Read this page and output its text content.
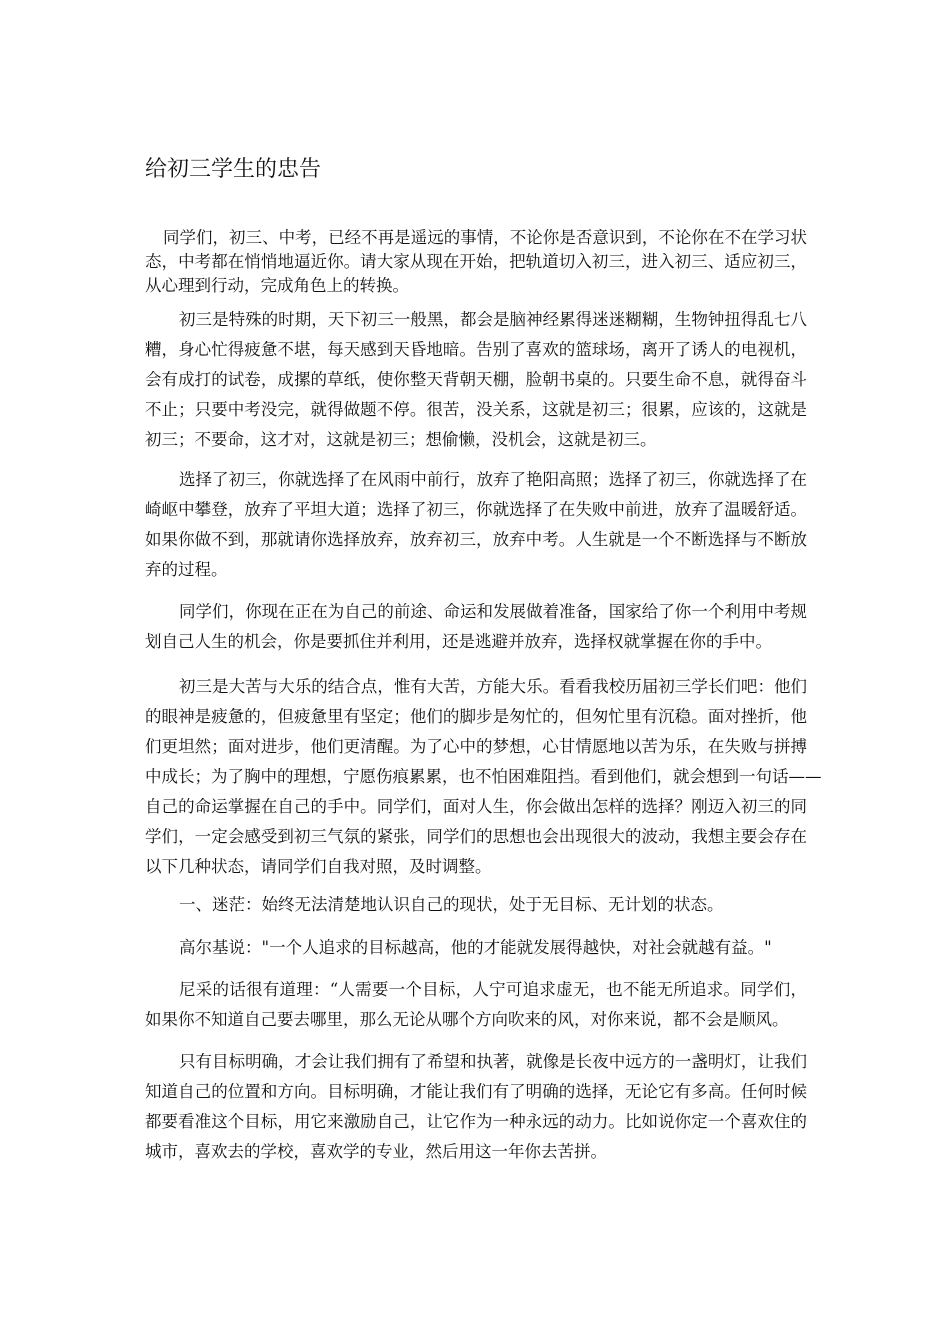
给初三学生的忠告
同学们，初三、中考，已经不再是遥远的事情，不论你是否意识到，不论你在不在学习状
态，中考都在悄悄地逼近你。请大家从现在开始，把轨道切入初三，进入初三、适应初三，
从心理到行动，完成角色上的转换。
初三是特殊的时期，天下初三一般黑，都会是脑神经累得迷迷糊糊，生物钟扭得乱七八
糟，身心忙得疲惫不堪，每天感到天昏地暗。告别了喜欢的篮球场，离开了诱人的电视机，
会有成打的试卷，成摞的草纸，使你整天背朝天棚，脸朝书桌的。只要生命不息，就得奋斗
不止；只要中考没完，就得做题不停。很苦，没关系，这就是初三；很累，应该的，这就是
初三；不要命，这才对，这就是初三；想偷懒，没机会，这就是初三。
选择了初三，你就选择了在风雨中前行，放弃了艳阳高照；选择了初三，你就选择了在
崎岖中攀登，放弃了平坦大道；选择了初三，你就选择了在失败中前进，放弃了温暖舒适。
如果你做不到，那就请你选择放弃，放弃初三，放弃中考。人生就是一个不断选择与不断放
弃的过程。
同学们，你现在正在为自己的前途、命运和发展做着准备，国家给了你一个利用中考规
划自己人生的机会，你是要抓住并利用，还是逃避并放弃，选择权就掌握在你的手中。
初三是大苦与大乐的结合点，惟有大苦，方能大乐。看看我校历届初三学长们吧：他们
的眼神是疲惫的，但疲惫里有坚定；他们的脚步是匆忙的，但匆忙里有沉稳。面对挫折，他
们更坦然；面对进步，他们更清醒。为了心中的梦想，心甘情愿地以苦为乐，在失败与拼搏
中成长；为了胸中的理想，宁愿伤痕累累，也不怕困难阻挡。看到他们，就会想到一句话——
自己的命运掌握在自己的手中。同学们，面对人生，你会做出怎样的选择？刚迈入初三的同
学们，一定会感受到初三气氛的紧张，同学们的思想也会出现很大的波动，我想主要会存在
以下几种状态，请同学们自我对照，及时调整。
一、迷茫：始终无法清楚地认识自己的现状，处于无目标、无计划的状态。
高尔基说："一个人追求的目标越高，他的才能就发展得越快，对社会就越有益。"
尼采的话很有道理：“人需要一个目标，人宁可追求虚无，也不能无所追求。同学们，
如果你不知道自己要去哪里，那么无论从哪个方向吹来的风，对你来说，都不会是顺风。
只有目标明确，才会让我们拥有了希望和执著，就像是长夜中远方的一盏明灯，让我们
知道自己的位置和方向。目标明确，才能让我们有了明确的选择，无论它有多高。任何时候
都要看准这个目标，用它来激励自己，让它作为一种永远的动力。比如说你定一个喜欢住的
城市，喜欢去的学校，喜欢学的专业，然后用这一年你去苦拼。
